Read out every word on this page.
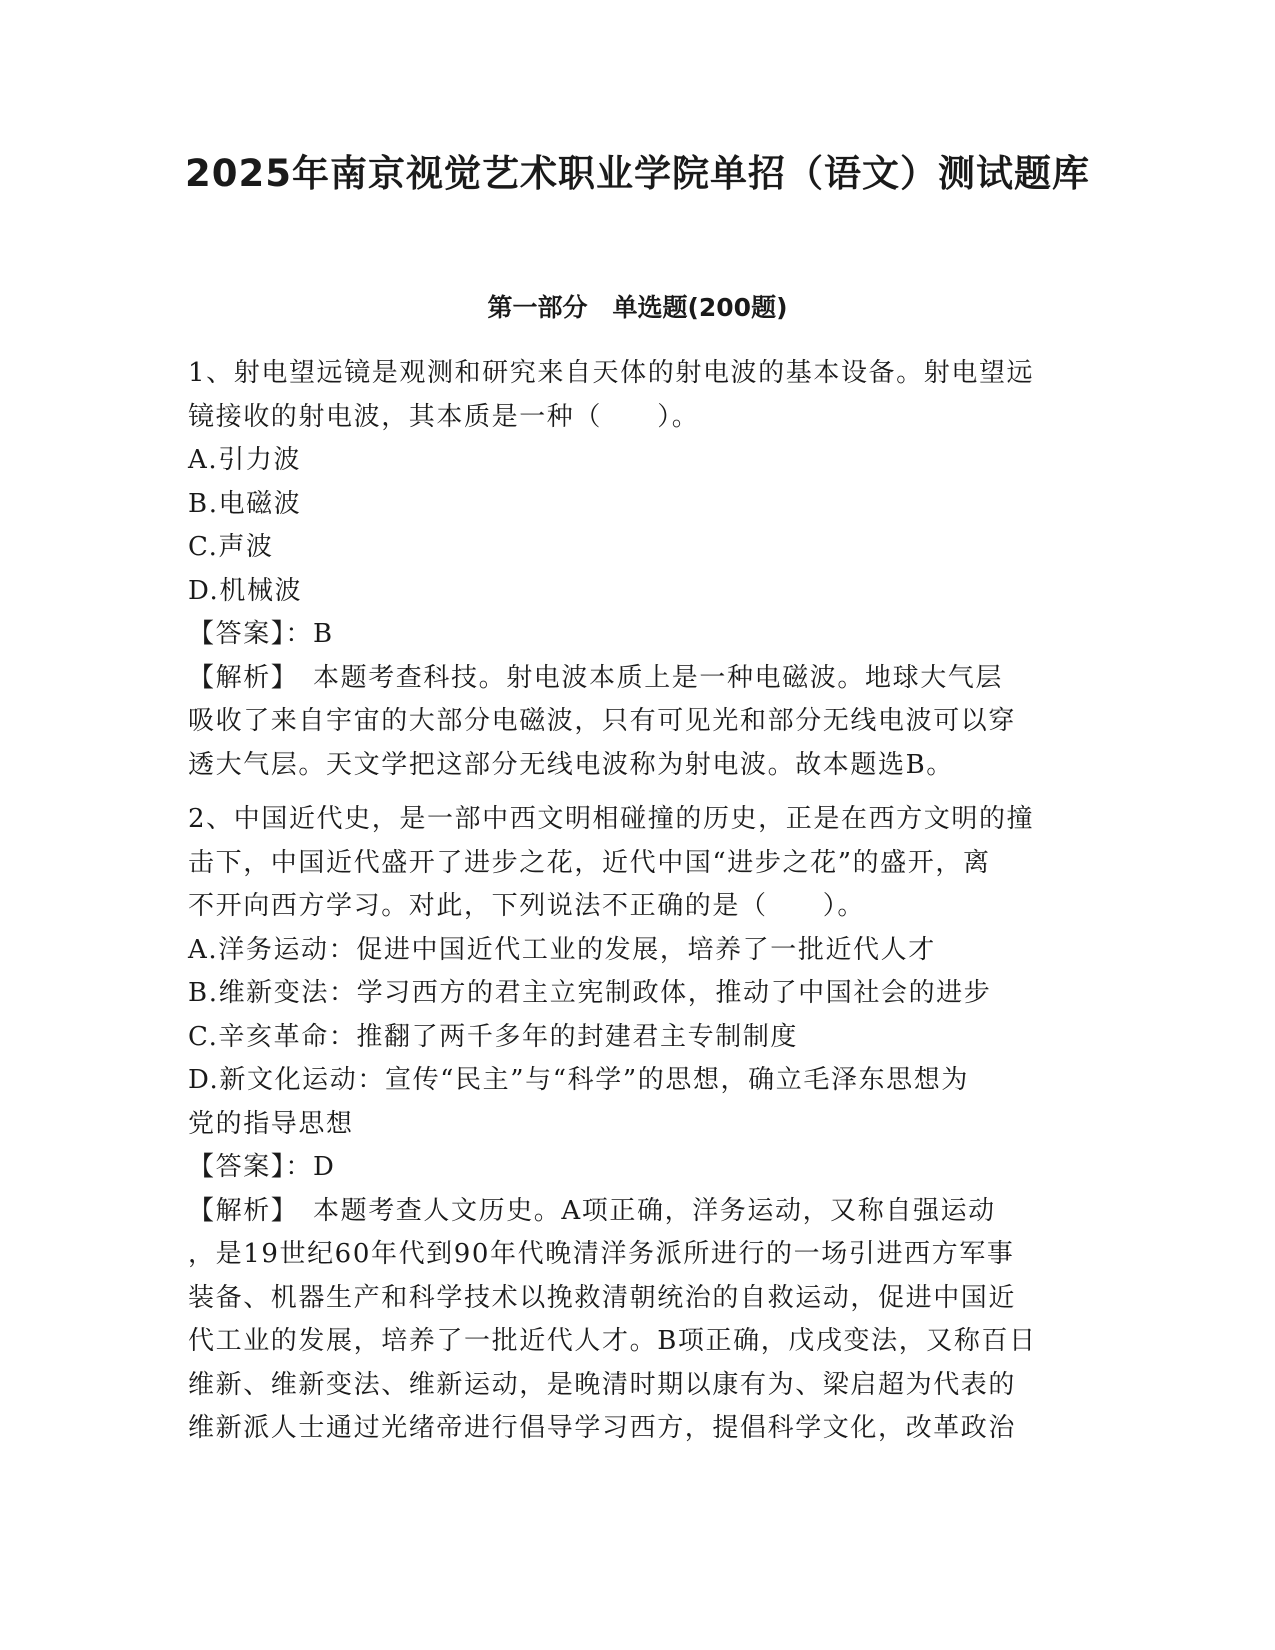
2025年南京视觉艺术职业学院单招（语文）测试题库
第一部分　单选题(200题)
1、射电望远镜是观测和研究来自天体的射电波的基本设备。射电望远
镜接收的射电波，其本质是一种（　　）。
A.引力波
B.电磁波
C.声波
D.机械波
【答案】：B
【解析】　本题考查科技。射电波本质上是一种电磁波。地球大气层
吸收了来自宇宙的大部分电磁波，只有可见光和部分无线电波可以穿
透大气层。天文学把这部分无线电波称为射电波。故本题选B。
2、中国近代史，是一部中西文明相碰撞的历史，正是在西方文明的撞
击下，中国近代盛开了进步之花，近代中国“进步之花”的盛开，离
不开向西方学习。对此，下列说法不正确的是（　　）。
A.洋务运动：促进中国近代工业的发展，培养了一批近代人才
B.维新变法：学习西方的君主立宪制政体，推动了中国社会的进步
C.辛亥革命：推翻了两千多年的封建君主专制制度
D.新文化运动：宣传“民主”与“科学”的思想，确立毛泽东思想为
党的指导思想
【答案】：D
【解析】　本题考查人文历史。A项正确，洋务运动，又称自强运动
，是19世纪60年代到90年代晚清洋务派所进行的一场引进西方军事
装备、机器生产和科学技术以挽救清朝统治的自救运动，促进中国近
代工业的发展，培养了一批近代人才。B项正确，戊戌变法，又称百日
维新、维新变法、维新运动，是晚清时期以康有为、梁启超为代表的
维新派人士通过光绪帝进行倡导学习西方，提倡科学文化，改革政治
